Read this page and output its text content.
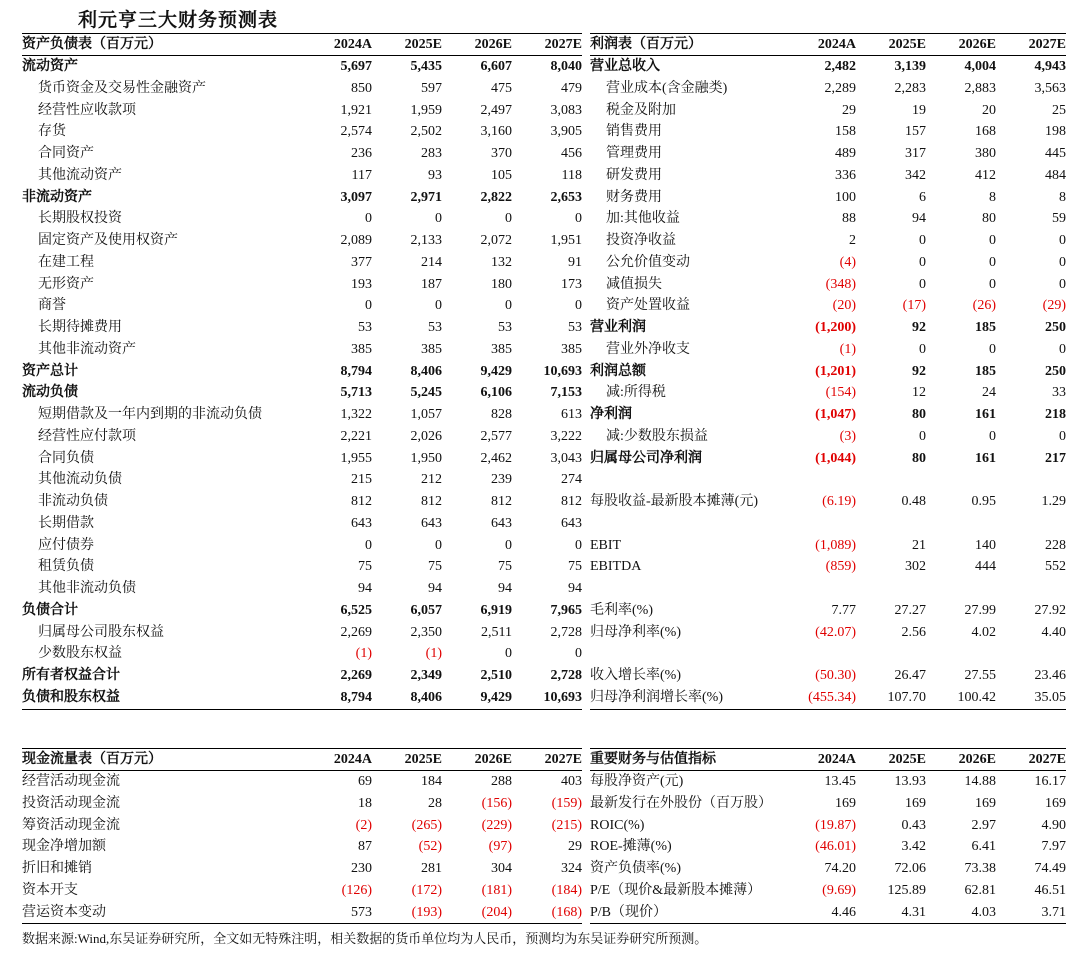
利元亨三大财务预测表
资产负债表（百万元）	2024A	2025E	2026E	2027E
流动资产	5,697	5,435	6,607	8,040
货币资金及交易性金融资产	850	597	475	479
经营性应收款项	1,921	1,959	2,497	3,083
存货	2,574	2,502	3,160	3,905
合同资产	236	283	370	456
其他流动资产	117	93	105	118
非流动资产	3,097	2,971	2,822	2,653
长期股权投资	0	0	0	0
固定资产及使用权资产	2,089	2,133	2,072	1,951
在建工程	377	214	132	91
无形资产	193	187	180	173
商誉	0	0	0	0
长期待摊费用	53	53	53	53
其他非流动资产	385	385	385	385
资产总计	8,794	8,406	9,429	10,693
流动负债	5,713	5,245	6,106	7,153
短期借款及一年内到期的非流动负债	1,322	1,057	828	613
经营性应付款项	2,221	2,026	2,577	3,222
合同负债	1,955	1,950	2,462	3,043
其他流动负债	215	212	239	274
非流动负债	812	812	812	812
长期借款	643	643	643	643
应付债券	0	0	0	0
租赁负债	75	75	75	75
其他非流动负债	94	94	94	94
负债合计	6,525	6,057	6,919	7,965
归属母公司股东权益	2,269	2,350	2,511	2,728
少数股东权益	(1)	(1)	0	0
所有者权益合计	2,269	2,349	2,510	2,728
负债和股东权益	8,794	8,406	9,429	10,693
利润表（百万元）	2024A	2025E	2026E	2027E
营业总收入	2,482	3,139	4,004	4,943
营业成本(含金融类)	2,289	2,283	2,883	3,563
税金及附加	29	19	20	25
销售费用	158	157	168	198
管理费用	489	317	380	445
研发费用	336	342	412	484
财务费用	100	6	8	8
加:其他收益	88	94	80	59
投资净收益	2	0	0	0
公允价值变动	(4)	0	0	0
减值损失	(348)	0	0	0
资产处置收益	(20)	(17)	(26)	(29)
营业利润	(1,200)	92	185	250
营业外净收支	(1)	0	0	0
利润总额	(1,201)	92	185	250
减:所得税	(154)	12	24	33
净利润	(1,047)	80	161	218
减:少数股东损益	(3)	0	0	0
归属母公司净利润	(1,044)	80	161	217

每股收益-最新股本摊薄(元)	(6.19)	0.48	0.95	1.29

EBIT	(1,089)	21	140	228
EBITDA	(859)	302	444	552

毛利率(%)	7.77	27.27	27.99	27.92
归母净利率(%)	(42.07)	2.56	4.02	4.40

收入增长率(%)	(50.30)	26.47	27.55	23.46
归母净利润增长率(%)	(455.34)	107.70	100.42	35.05
现金流量表（百万元）	2024A	2025E	2026E	2027E
经营活动现金流	69	184	288	403
投资活动现金流	18	28	(156)	(159)
筹资活动现金流	(2)	(265)	(229)	(215)
现金净增加额	87	(52)	(97)	29
折旧和摊销	230	281	304	324
资本开支	(126)	(172)	(181)	(184)
营运资本变动	573	(193)	(204)	(168)
重要财务与估值指标	2024A	2025E	2026E	2027E
每股净资产(元)	13.45	13.93	14.88	16.17
最新发行在外股份（百万股）	169	169	169	169
ROIC(%)	(19.87)	0.43	2.97	4.90
ROE-摊薄(%)	(46.01)	3.42	6.41	7.97
资产负债率(%)	74.20	72.06	73.38	74.49
P/E（现价&最新股本摊薄）	(9.69)	125.89	62.81	46.51
P/B（现价）	4.46	4.31	4.03	3.71
数据来源:Wind,东吴证券研究所，全文如无特殊注明，相关数据的货币单位均为人民币，预测均为东吴证券研究所预测。
